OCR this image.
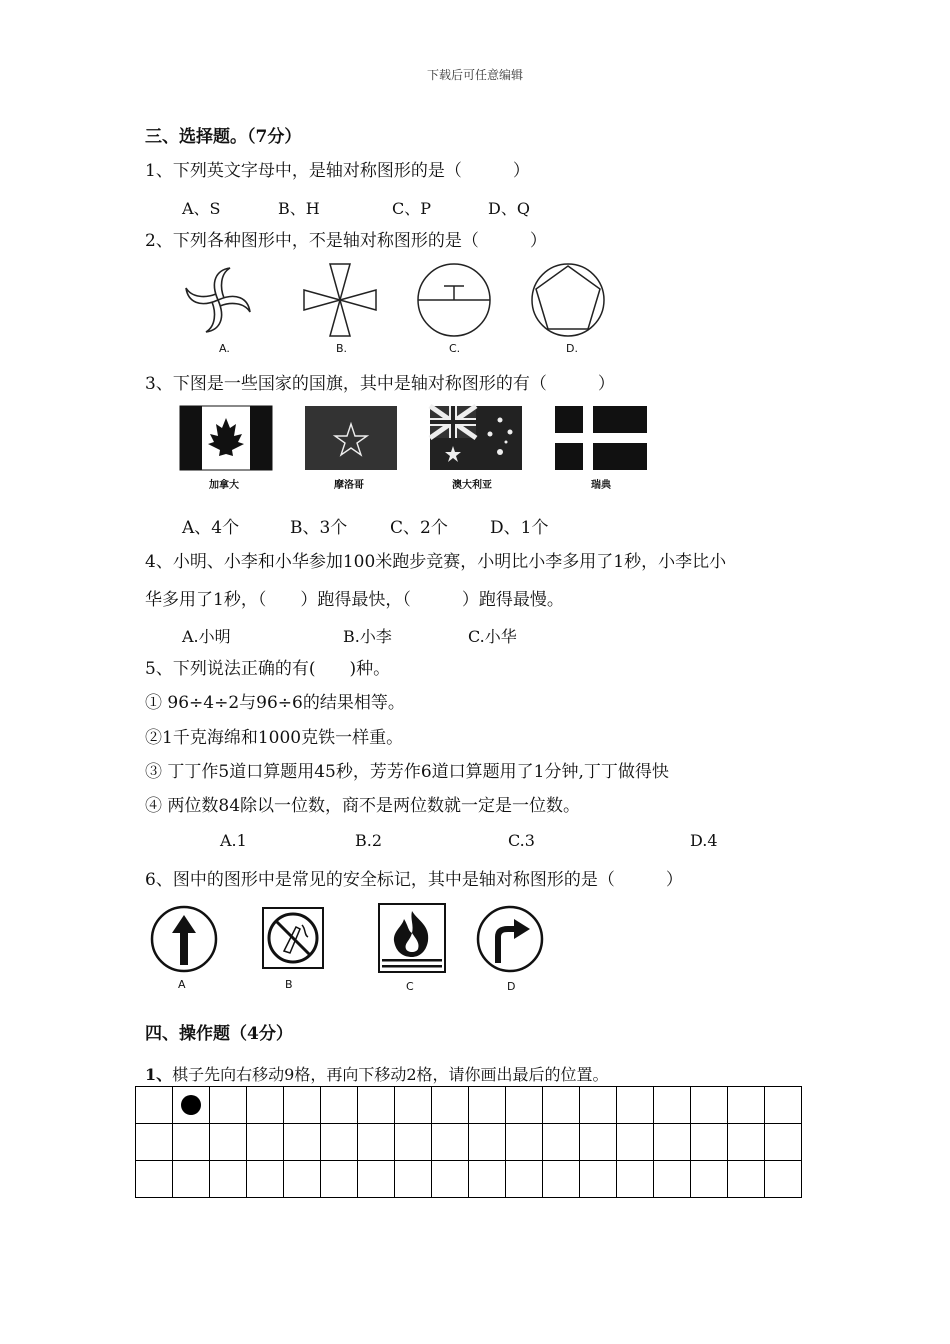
下载后可任意编辑
三、选择题。（7分）
1、下列英文字母中，是轴对称图形的是（　　　）
A、S	B、H	C、P	D、Q
2、下列各种图形中，不是轴对称图形的是（　　　）
A.	B.	C.	D.
3、下图是一些国家的国旗，其中是轴对称图形的有（　　　）
加拿大	摩洛哥	澳大利亚	瑞典
A、4个	B、3个	C、2个 D、1个
4、小明、小李和小华参加100米跑步竞赛，小明比小李多用了1秒，小李比小
华多用了1秒，（　　）跑得最快，（　　　）跑得最慢。
A.小明	B.小李	C.小华
5、下列说法正确的有(　　)种。
① 96÷4÷2与96÷6的结果相等。
②1千克海绵和1000克铁一样重。
③ 丁丁作5道口算题用45秒，芳芳作6道口算题用了1分钟,丁丁做得快
④ 两位数84除以一位数，商不是两位数就一定是一位数。
A.1	B.2	C.3	D.4
6、图中的图形中是常见的安全标记，其中是轴对称图形的是（　　　）
A	B	C	D
四、操作题（4分）
1、棋子先向右移动9格，再向下移动2格，请你画出最后的位置。
